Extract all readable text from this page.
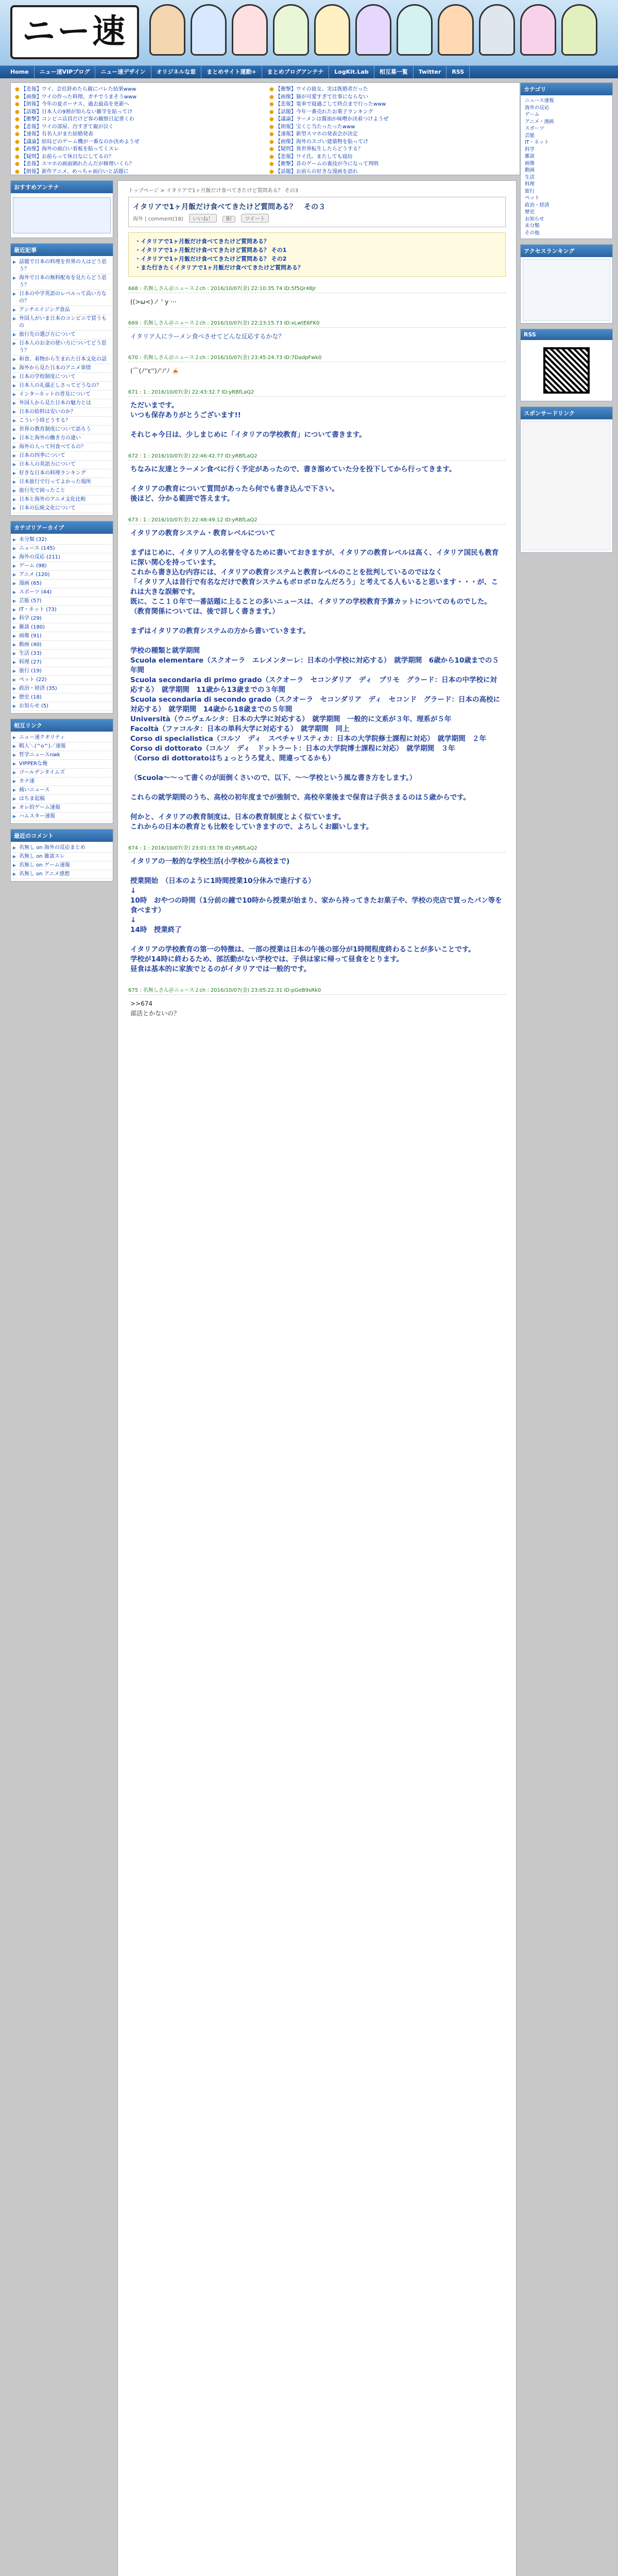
ニー速
Home	ニュー速VIPブログ	ニュー速デザイン	オリジネルな窓	まとめサイト運動+	まとめブログアンテナ	LogKit.Lab	相互募一覧	Twitter	RSS
● 【悲報】ワイ、会社辞めたら親にバレた結果www
● 【画像】ワイの作った料理、ガチでうまそうwww
● 【朗報】今年の夏ボーナス、過去最高を更新へ
● 【話題】日本人の9割が知らない雑学を貼ってけ
● 【衝撃】コンビニ店員だけど客の観察日記書くわ
● 【悲報】ワイの部屋、汚すぎて親が泣く
● 【速報】有名人がまた結婚発表
● 【議論】結局どのゲーム機が一番なのか決めようぜ
● 【画像】海外の面白い看板を貼ってくスレ
● 【疑問】お前らって休日なにしてるの？
● 【悲報】スマホの画面割れたんだが修理いくら？
● 【朗報】新作アニメ、めっちゃ面白いと話題に
● 【衝撃】ワイの彼女、実は既婚者だった
● 【画像】猫が可愛すぎて仕事にならない
● 【悲報】電車で寝過ごして終点まで行ったwww
● 【話題】今年一番売れたお菓子ランキング
● 【議論】ラーメンは醤油か味噌か決着つけようぜ
● 【朗報】宝くじ当たったったwww
● 【速報】新型スマホの発表会が決定
● 【画像】海外のスゴい建築物を貼ってけ
● 【疑問】異世界転生したらどうする？
● 【悲報】ワイ氏、またしても寝坊
● 【衝撃】昔のゲームの裏技が今になって判明
● 【話題】お前らの好きな漫画を語れ
おすすめアンテナ
最近記事
▶ 話題で日本の料理を世界の人はどう思う？
▶ 海外で日本の無料配布を見たらどう思う？
▶ 日本の中学英語のレベルって高い方なの？
▶ アンチエイジング食品
▶ 外国人がいま日本のコンビニで買うもの
▶ 旅行先の選び方について
▶ 日本人のお金の使い方についてどう思う？
▶ 和食、着物から生まれた日本文化の話
▶ 海外から見た日本のアニメ事情
▶ 日本の学校制度について
▶ 日本人の礼儀正しさってどうなの？
▶ インターネットの普及について
▶ 外国人から見た日本の魅力とは
▶ 日本の給料は安いのか？
▶ こういう時どうする？
▶ 世界の教育制度について語ろう
▶ 日本と海外の働き方の違い
▶ 海外の人って何食べてるの？
▶ 日本の四季について
▶ 日本人の英語力について
▶ 好きな日本の料理ランキング
▶ 日本旅行で行ってよかった場所
▶ 旅行先で困ったこと
▶ 日本と海外のアニメ文化比較
▶ 日本の伝統文化について
カテゴリアーカイブ
▶ 未分類 (32)
▶ ニュース (145)
▶ 海外の反応 (211)
▶ ゲーム (98)
▶ アニメ (120)
▶ 漫画 (65)
▶ スポーツ (44)
▶ 芸能 (57)
▶ IT・ネット (73)
▶ 科学 (29)
▶ 雑談 (180)
▶ 画像 (91)
▶ 動画 (40)
▶ 生活 (33)
▶ 料理 (27)
▶ 旅行 (19)
▶ ペット (22)
▶ 政治・経済 (35)
▶ 歴史 (18)
▶ お知らせ (5)
相互リンク
▶ ニュー速クオリティ
▶ 暇人＼(^o^)／速報
▶ 哲学ニュースnwk
▶ VIPPERな俺
▶ ゴールデンタイムズ
▶ カナ速
▶ 痛いニュース
▶ はちま起稿
▶ オレ的ゲーム速報
▶ ハムスター速報
最近のコメント
▶ 名無し on 海外の反応まとめ
▶ 名無し on 雑談スレ
▶ 名無し on ゲーム速報
▶ 名無し on アニメ感想
トップページ > イタリアで1ヶ月飯だけ食べてきたけど質問ある？ その3
イタリアで1ヶ月飯だけ食べてきたけど質問ある？　その３
海外 | comment(18) いいね！	B!	ツイート
・イタリアで1ヶ月飯だけ食べてきたけど質問ある？
・イタリアで1ヶ月飯だけ食べてきたけど質問ある？ その1
・イタリアで1ヶ月飯だけ食べてきたけど質問ある？ その2
・また行きたくイタリアで1ヶ月飯だけ食べてきたけど質問ある？
668 : 名無しさん＠ニュース２ch : 2016/10/07(金) 22:10:35.74 ID:5f5Qr48Jr
((>ω<)ノ ' y ···
669 : 名無しさん＠ニュース２ch : 2016/10/07(金) 22:23:15.73 ID:xLwtE6FK0
イタリア人にラーメン食べさせてどんな反応するかな？
670 : 名無しさん＠ニュース２ch : 2016/10/07(金) 23:45:24.73 ID:7DadpFwk0
(⌒(ﾉ''ε'')ﾉ'ﾉ'ﾉ 🍝
671 : 1 : 2016/10/07(金) 22:43:32.7 ID:yRBfLaQ2
ただいまです。
いつも保存ありがとうございます!!

それじゃ今日は、少しまじめに「イタリアの学校教育」について書きます。
672 : 1 : 2016/10/07(金) 22:46:42.77 ID:yRBfLaQ2
ちなみに友達とラーメン食べに行く予定があったので、書き溜めていた分を投下してから行ってきます。

イタリアの教育について質問があったら何でも書き込んで下さい。
後ほど、分かる範囲で答えます。
673 : 1 : 2016/10/07(金) 22:48:49.12 ID:yRBfLaQ2
イタリアの教育システム・教育レベルについて

まずはじめに、イタリア人の名誉を守るために書いておきますが、イタリアの教育レベルは高く、イタリア国民も教育に深い関心を持っています。
これから書き込む内容には、イタリアの教育システムと教育レベルのことを批判しているのではなく
「イタリア人は昔行で有名なだけで教育システムもボロボロなんだろう」と考えてる人もいると思います・・・が、これは大きな誤解です。
既に、ここ１０年で一番話題に上ることの多いニュースは、イタリアの学校教育予算カットについてのものでした。
（教育関係については、後で詳しく書きます。）

まずはイタリアの教育システムの方から書いていきます。

学校の種類と就学期間
Scuola elementare（スクオーラ　エレメンターレ：日本の小学校に対応する）　就学期間　6歳から10歳までの５年間
Scuola secondaria di primo grado（スクオーラ　セコンダリア　ディ　プリモ　グラード：日本の中学校に対応する）　就学期間　11歳から13歳までの３年間
Scuola secondaria di secondo grado（スクオーラ　セコンダリア　ディ　セコンド　グラード：日本の高校に対応する）　就学期間　14歳から18歳までの５年間
Università（ウニヴェルシタ：日本の大学に対応する）　就学期間　一般的に文系が３年、理系が５年
Facoltà（ファコルタ：日本の単科大学に対応する）　就学期間　同上
Corso di specialistica（コルソ　ディ　スペチャリスティカ：日本の大学院修士課程に対応）　就学期間　２年
Corso di dottorato（コルソ　ディ　ドットラート：日本の大学院博士課程に対応）　就学期間　３年
（Corso di dottoratoはちょっとうろ覚え、間違ってるかも）

（Scuola～～って書くのが面倒くさいので、以下、～～学校という風な書き方をします。）

これらの就学期間のうち、高校の初年度までが強制で、高校卒業後まで保育は子供さまるのは５歳からです。

何かと、イタリアの教育制度は、日本の教育制度とよく似ています。
これからの日本の教育とも比較をしていきますので、よろしくお願いします。
674 : 1 : 2016/10/07(金) 23:01:33.78 ID:yRBfLaQ2
イタリアの一般的な学校生活(小学校から高校まで)

授業開始　（日本のように1時間授業10分休みで進行する）
↓
10時　おやつの時間（1分前の鐘で10時から授業が始まり、家から持ってきたお菓子や、学校の売店で買ったパン等を食べます）
↓
14時　授業終了

イタリアの学校教育の第一の特徴は、一部の授業は日本の午後の部分が1時間程度終わることが多いことです。
学校が14時に終わるため、部活動がない学校では、子供は家に帰って昼食をとります。
昼食は基本的に家族でとるのがイタリアでは一般的です。
675 : 名無しさん＠ニュース２ch : 2016/10/07(金) 23:05:22.31 ID:pGeB9sRk0
>>674
部活とかないの？
カテゴリ
ニュース速報
海外の反応
ゲーム
アニメ・漫画
スポーツ
芸能
IT・ネット
科学
雑談
画像
動画
生活
料理
旅行
ペット
政治・経済
歴史
お知らせ
未分類
その他
アクセスランキング
RSS
スポンサードリンク
